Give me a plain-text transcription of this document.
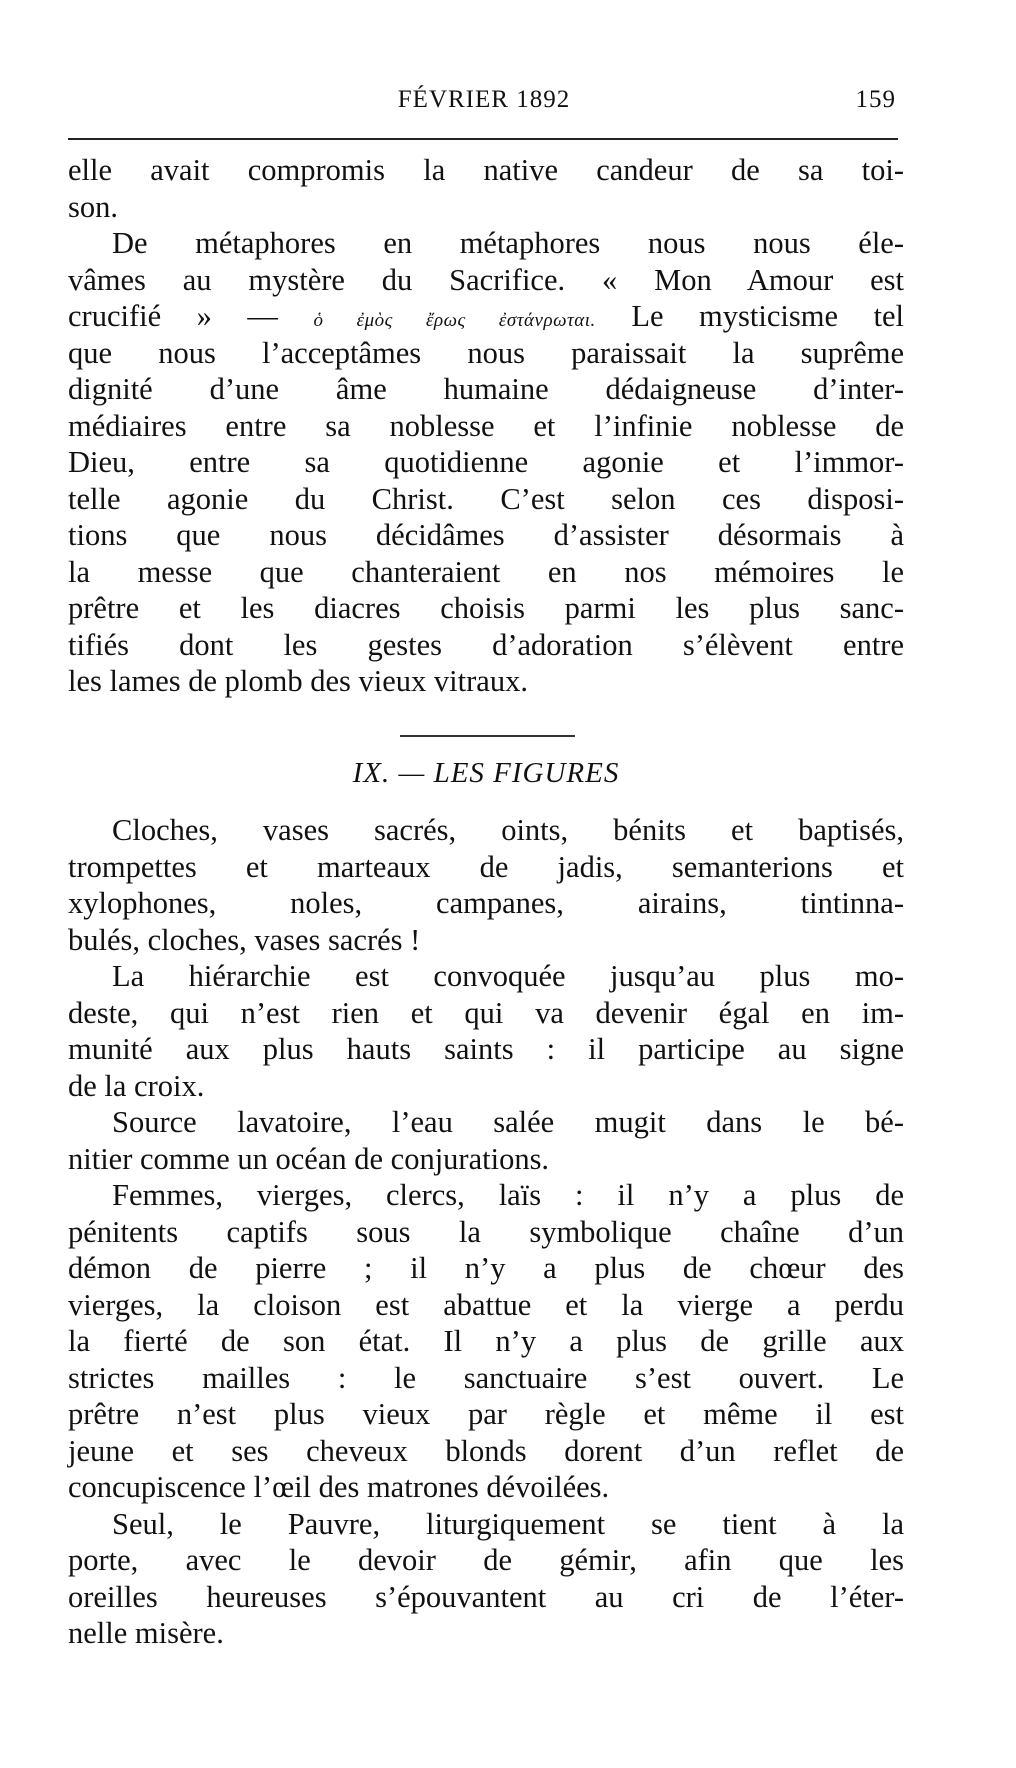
FÉVRIER 1892	159
elle avait compromis la native candeur de sa toi-
son.
De métaphores en métaphores nous nous éle-
vâmes au mystère du Sacrifice. « Mon Amour est
crucifié » — ὁ ἐμὸς ἔρως ἐστάνρωται. Le mysticisme tel
que nous l’acceptâmes nous paraissait la suprême
dignité d’une âme humaine dédaigneuse d’inter-
médiaires entre sa noblesse et l’infinie noblesse de
Dieu, entre sa quotidienne agonie et l’immor-
telle agonie du Christ. C’est selon ces disposi-
tions que nous décidâmes d’assister désormais à
la messe que chanteraient en nos mémoires le
prêtre et les diacres choisis parmi les plus sanc-
tifiés dont les gestes d’adoration s’élèvent entre
les lames de plomb des vieux vitraux.
IX. — LES FIGURES
Cloches, vases sacrés, oints, bénits et baptisés,
trompettes et marteaux de jadis, semanterions et
xylophones, noles, campanes, airains, tintinna-
bulés, cloches, vases sacrés !
La hiérarchie est convoquée jusqu’au plus mo-
deste, qui n’est rien et qui va devenir égal en im-
munité aux plus hauts saints : il participe au signe
de la croix.
Source lavatoire, l’eau salée mugit dans le bé-
nitier comme un océan de conjurations.
Femmes, vierges, clercs, laïs : il n’y a plus de
pénitents captifs sous la symbolique chaîne d’un
démon de pierre ; il n’y a plus de chœur des
vierges, la cloison est abattue et la vierge a perdu
la fierté de son état. Il n’y a plus de grille aux
strictes mailles : le sanctuaire s’est ouvert. Le
prêtre n’est plus vieux par règle et même il est
jeune et ses cheveux blonds dorent d’un reflet de
concupiscence l’œil des matrones dévoilées.
Seul, le Pauvre, liturgiquement se tient à la
porte, avec le devoir de gémir, afin que les
oreilles heureuses s’épouvantent au cri de l’éter-
nelle misère.
